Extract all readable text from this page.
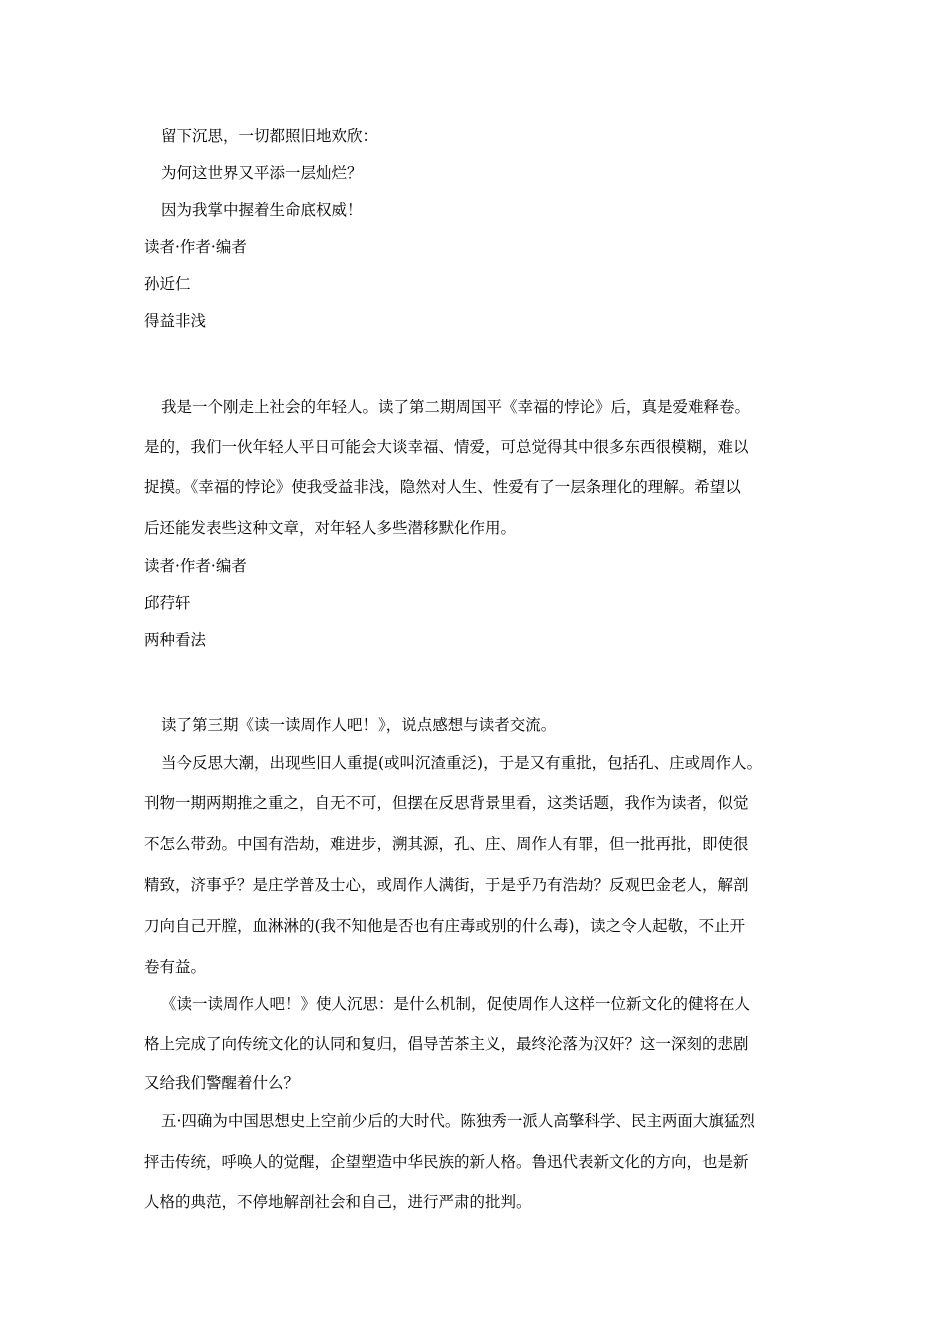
留下沉思，一切都照旧地欢欣：
为何这世界又平添一层灿烂？
因为我掌中握着生命底权威！
读者·作者·编者
孙近仁
得益非浅
我是一个刚走上社会的年轻人。读了第二期周国平《幸福的悖论》后，真是爱难释卷。
是的，我们一伙年轻人平日可能会大谈幸福、情爱，可总觉得其中很多东西很模糊，难以
捉摸。《幸福的悖论》使我受益非浅，隐然对人生、性爱有了一层条理化的理解。希望以
后还能发表些这种文章，对年轻人多些潜移默化作用。
读者·作者·编者
邱荇轩
两种看法
读了第三期《读一读周作人吧！》，说点感想与读者交流。
当今反思大潮，出现些旧人重提(或叫沉渣重泛)，于是又有重批，包括孔、庄或周作人。
刊物一期两期推之重之，自无不可，但摆在反思背景里看，这类话题，我作为读者，似觉
不怎么带劲。中国有浩劫，难进步，溯其源，孔、庄、周作人有罪，但一批再批，即使很
精致，济事乎？是庄学普及士心，或周作人满街，于是乎乃有浩劫？反观巴金老人，解剖
刀向自己开膛，血淋淋的(我不知他是否也有庄毒或别的什么毒)，读之令人起敬，不止开
卷有益。
《读一读周作人吧！》使人沉思：是什么机制，促使周作人这样一位新文化的健将在人
格上完成了向传统文化的认同和复归，倡导苦茶主义，最终沦落为汉奸？这一深刻的悲剧
又给我们警醒着什么？
五·四确为中国思想史上空前少后的大时代。陈独秀一派人高擎科学、民主两面大旗猛烈
抨击传统，呼唤人的觉醒，企望塑造中华民族的新人格。鲁迅代表新文化的方向，也是新
人格的典范，不停地解剖社会和自己，进行严肃的批判。
